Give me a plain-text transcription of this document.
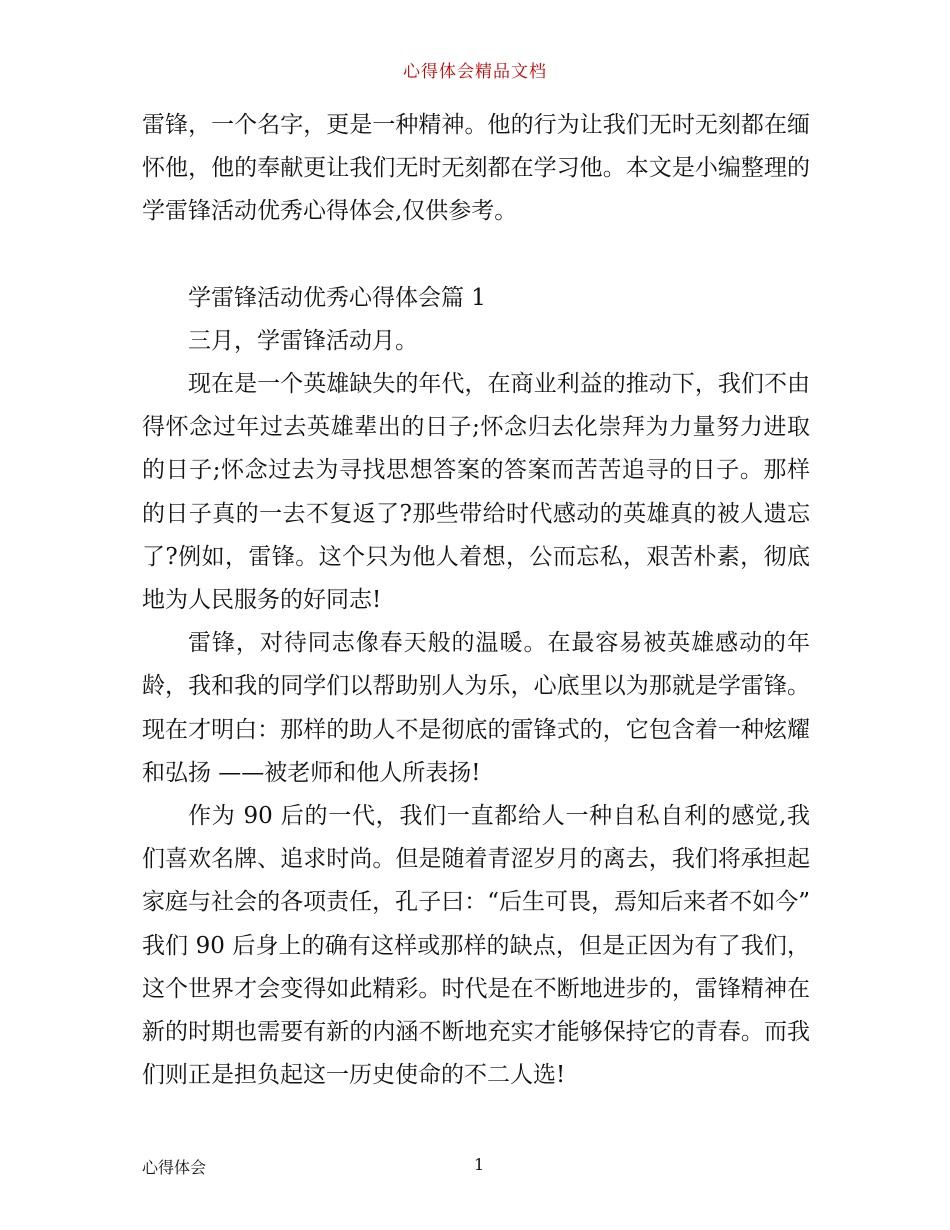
心得体会精品文档

雷锋，一个名字，更是一种精神。他的行为让我们无时无刻都在缅怀他，他的奉献更让我们无时无刻都在学习他。本文是小编整理的学雷锋活动优秀心得体会,仅供参考。

学雷锋活动优秀心得体会篇 1

三月，学雷锋活动月。

现在是一个英雄缺失的年代，在商业利益的推动下，我们不由得怀念过年过去英雄辈出的日子;怀念归去化崇拜为力量努力进取的日子;怀念过去为寻找思想答案的答案而苦苦追寻的日子。那样的日子真的一去不复返了?那些带给时代感动的英雄真的被人遗忘了?例如，雷锋。这个只为他人着想，公而忘私，艰苦朴素，彻底地为人民服务的好同志!

雷锋，对待同志像春天般的温暖。在最容易被英雄感动的年龄，我和我的同学们以帮助别人为乐，心底里以为那就是学雷锋。现在才明白：那样的助人不是彻底的雷锋式的，它包含着一种炫耀和弘扬 ——被老师和他人所表扬!

作为 90 后的一代，我们一直都给人一种自私自利的感觉,我们喜欢名牌、追求时尚。但是随着青涩岁月的离去，我们将承担起家庭与社会的各项责任，孔子曰：“后生可畏，焉知后来者不如今” 我们 90 后身上的确有这样或那样的缺点，但是正因为有了我们，这个世界才会变得如此精彩。时代是在不断地进步的，雷锋精神在新的时期也需要有新的内涵不断地充实才能够保持它的青春。而我们则正是担负起这一历史使命的不二人选!

心得体会	1
